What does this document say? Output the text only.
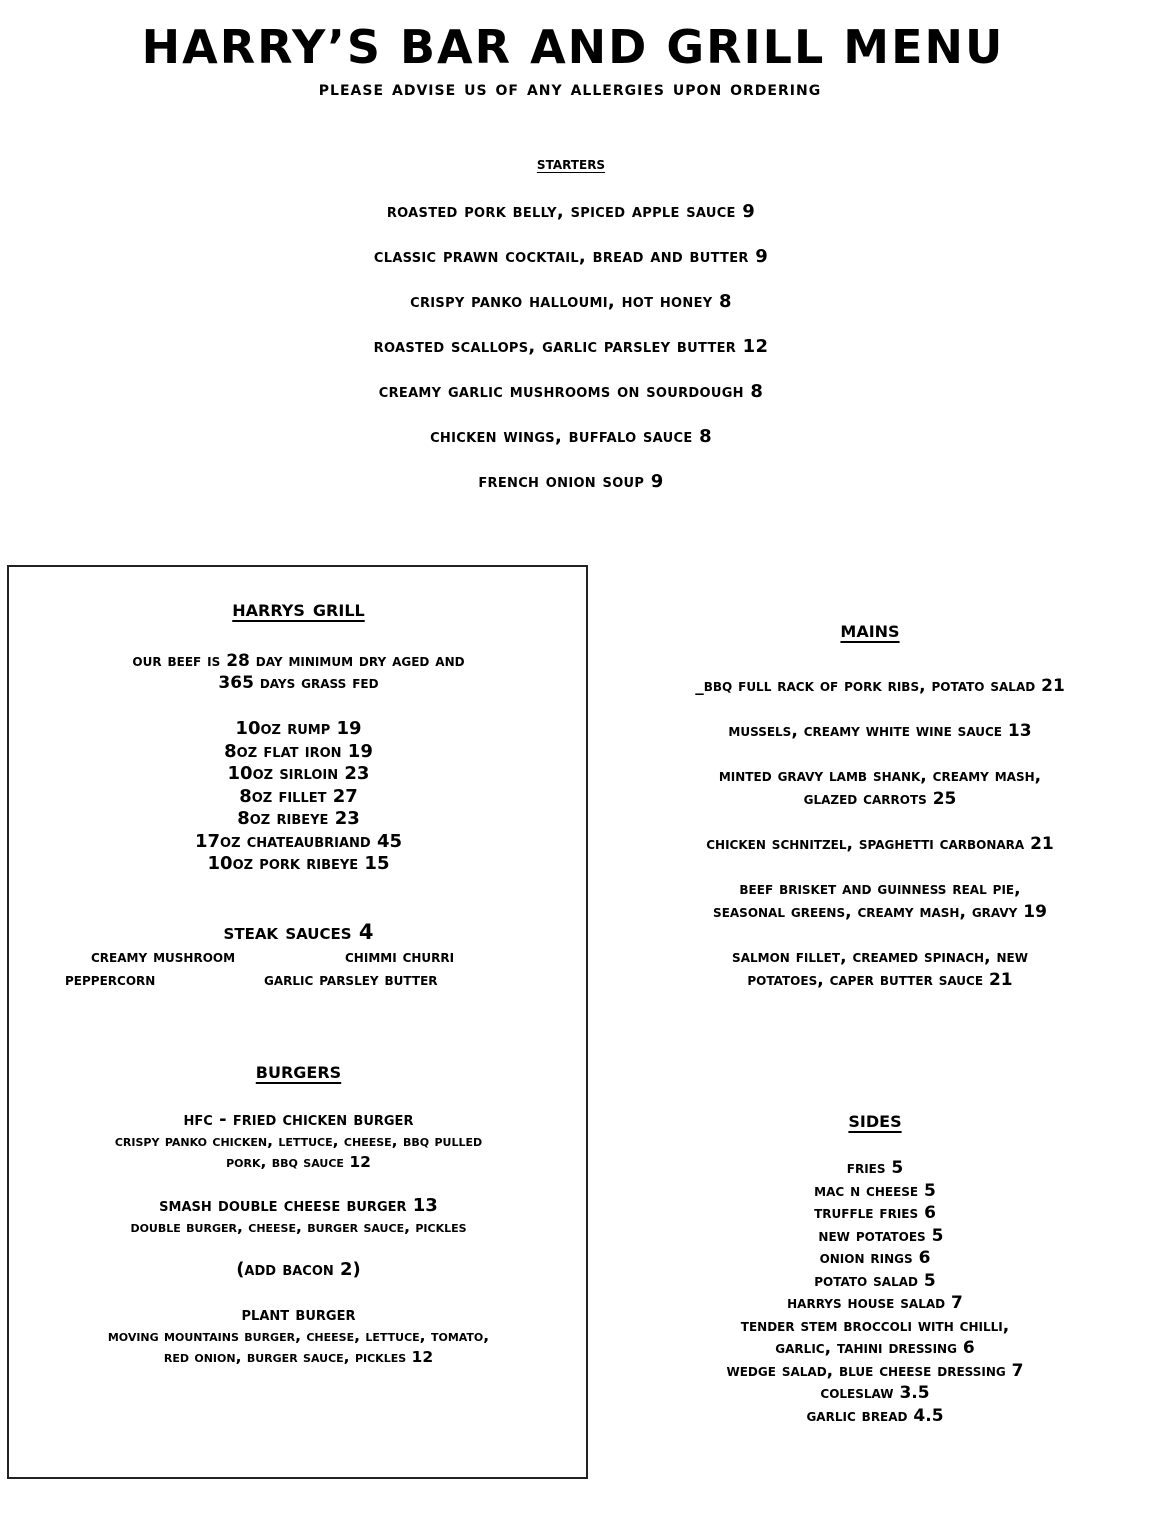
HARRY’S BAR AND GRILL MENU
please advise us of any allergies upon ordering
starters
roasted pork belly, spiced apple sauce 9
classic prawn cocktail, bread and butter 9
crispy panko halloumi, hot honey 8
roasted scallops, garlic parsley butter 12
creamy garlic mushrooms on sourdough 8
chicken wings, buffalo sauce 8
french onion soup 9
harrys grill
our beef is 28 day minimum dry aged and
365 days grass fed
10oz rump 19
8oz flat iron 19
10oz sirloin 23
8oz fillet 27
8oz ribeye 23
17oz chateaubriand 45
10oz pork ribeye 15
steak sauces 4
creamy mushroom	chimmi churri
peppercorn	garlic parsley butter
burgers
hfc - fried chicken burger
crispy panko chicken, lettuce, cheese, bbq pulled
pork, bbq sauce 12
smash double cheese burger 13
double burger, cheese, burger sauce, pickles
(add bacon 2)
plant burger
moving mountains burger, cheese, lettuce, tomato,
red onion, burger sauce, pickles 12
mains
_bbq full rack of pork ribs, potato salad 21
mussels, creamy white wine sauce 13
minted gravy lamb shank, creamy mash,
glazed carrots 25
chicken schnitzel, spaghetti carbonara 21
beef brisket and guinness real pie,
seasonal greens, creamy mash, gravy 19
salmon fillet, creamed spinach, new
potatoes, caper butter sauce 21
sides
fries 5
mac n cheese 5
truffle fries 6
new potatoes 5
onion rings 6
potato salad 5
harrys house salad 7
tender stem broccoli with chilli,
garlic, tahini dressing 6
wedge salad, blue cheese dressing 7
coleslaw 3.5
garlic bread 4.5
